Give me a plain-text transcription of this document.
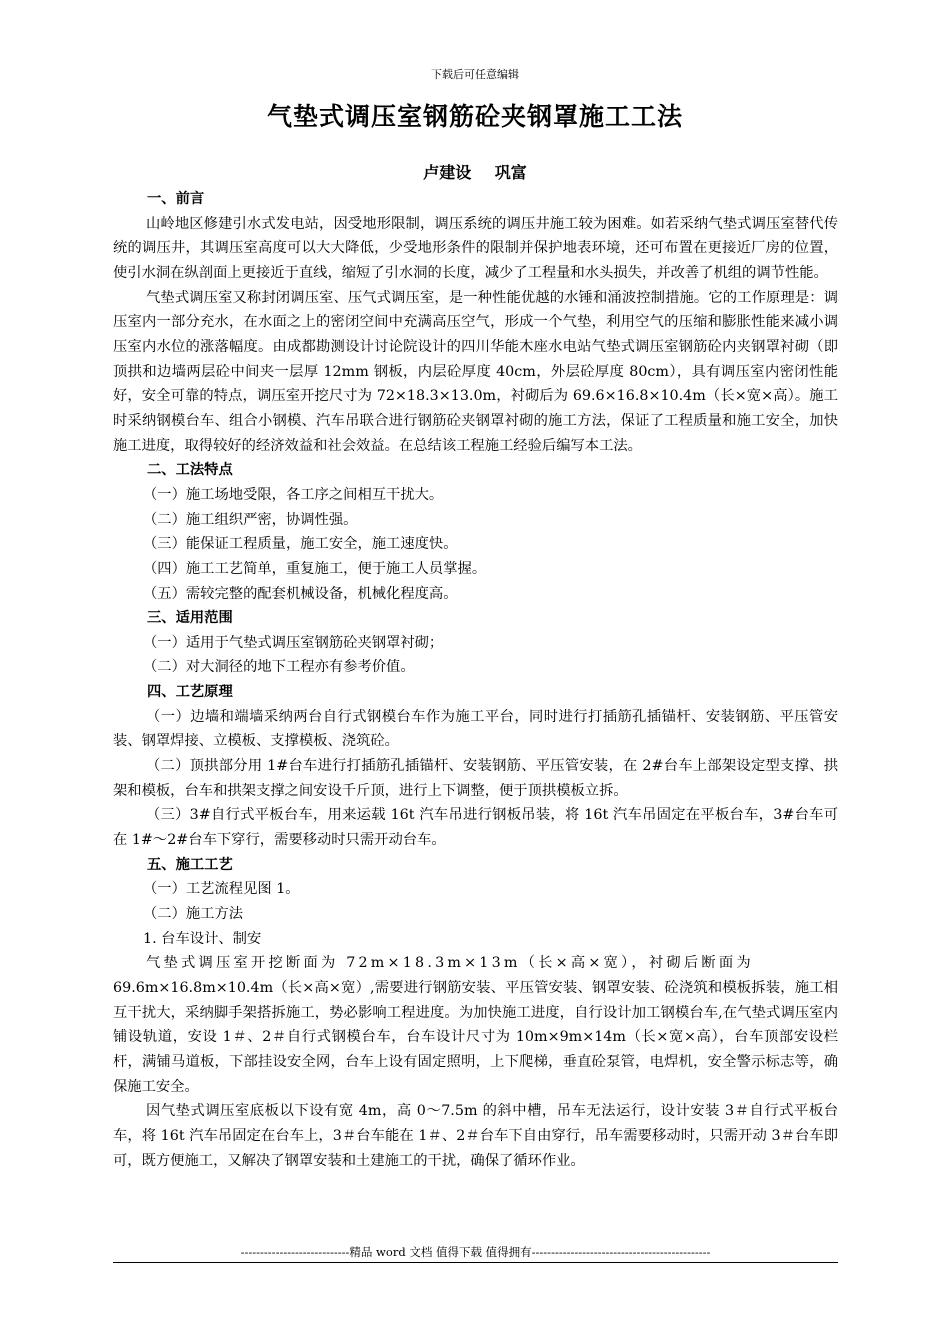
下载后可任意编辑
气垫式调压室钢筋砼夹钢罩施工工法
卢建设 巩富
一、前言

山岭地区修建引水式发电站，因受地形限制，调压系统的调压井施工较为困难。如若采纳气垫式调压室替代传统的调压井，其调压室高度可以大大降低，少受地形条件的限制并保护地表环境，还可布置在更接近厂房的位置，使引水洞在纵剖面上更接近于直线，缩短了引水洞的长度，减少了工程量和水头损失，并改善了机组的调节性能。

气垫式调压室又称封闭调压室、压气式调压室，是一种性能优越的水锤和涌波控制措施。它的工作原理是：调压室内一部分充水，在水面之上的密闭空间中充满高压空气，形成一个气垫，利用空气的压缩和膨胀性能来减小调压室内水位的涨落幅度。由成都勘测设计讨论院设计的四川华能木座水电站气垫式调压室钢筋砼内夹钢罩衬砌（即顶拱和边墙两层砼中间夹一层厚 12mm 钢板，内层砼厚度 40cm，外层砼厚度 80cm），具有调压室内密闭性能好，安全可靠的特点，调压室开挖尺寸为 72×18.3×13.0m，衬砌后为 69.6×16.8×10.4m（长×宽×高）。施工时采纳钢模台车、组合小钢模、汽车吊联合进行钢筋砼夹钢罩衬砌的施工方法，保证了工程质量和施工安全，加快施工进度，取得较好的经济效益和社会效益。在总结该工程施工经验后编写本工法。

二、工法特点

（一）施工场地受限，各工序之间相互干扰大。

（二）施工组织严密，协调性强。

（三）能保证工程质量，施工安全，施工速度快。

（四）施工工艺简单，重复施工，便于施工人员掌握。

（五）需较完整的配套机械设备，机械化程度高。

三、适用范围

（一）适用于气垫式调压室钢筋砼夹钢罩衬砌；

（二）对大洞径的地下工程亦有参考价值。

四、工艺原理

（一）边墙和端墙采纳两台自行式钢模台车作为施工平台，同时进行打插筋孔插锚杆、安装钢筋、平压管安装、钢罩焊接、立模板、支撑模板、浇筑砼。

（二）顶拱部分用 1#台车进行打插筋孔插锚杆、安装钢筋、平压管安装，在 2#台车上部架设定型支撑、拱架和模板，台车和拱架支撑之间安设千斤顶，进行上下调整，便于顶拱模板立拆。

（三）3#自行式平板台车，用来运载 16t 汽车吊进行钢板吊装，将 16t 汽车吊固定在平板台车，3#台车可在 1#～2#台车下穿行，需要移动时只需开动台车。

五、施工工艺

（一）工艺流程见图 1。

（二）施工方法

1. 台车设计、制安

气垫式调压室开挖断面为 72m×18.3m×13m（长×高×宽），衬砌后断面为

69.6m×16.8m×10.4m（长×高×宽）,需要进行钢筋安装、平压管安装、钢罩安装、砼浇筑和模板拆装，施工相互干扰大，采纳脚手架搭拆施工，势必影响工程进度。为加快施工进度，自行设计加工钢模台车,在气垫式调压室内铺设轨道，安设 1＃、2＃自行式钢模台车，台车设计尺寸为 10m×9m×14m（长×宽×高），台车顶部安设栏杆，满铺马道板，下部挂设安全网，台车上设有固定照明，上下爬梯，垂直砼泵管，电焊机，安全警示标志等，确保施工安全。

因气垫式调压室底板以下设有宽 4m，高 0～7.5m 的斜中槽，吊车无法运行，设计安装 3＃自行式平板台车，将 16t 汽车吊固定在台车上，3＃台车能在 1＃、2＃台车下自由穿行，吊车需要移动时，只需开动 3＃台车即可，既方便施工，又解决了钢罩安装和土建施工的干扰，确保了循环作业。

----------------------------精品 word 文档 值得下载 值得拥有----------------------------------------------
